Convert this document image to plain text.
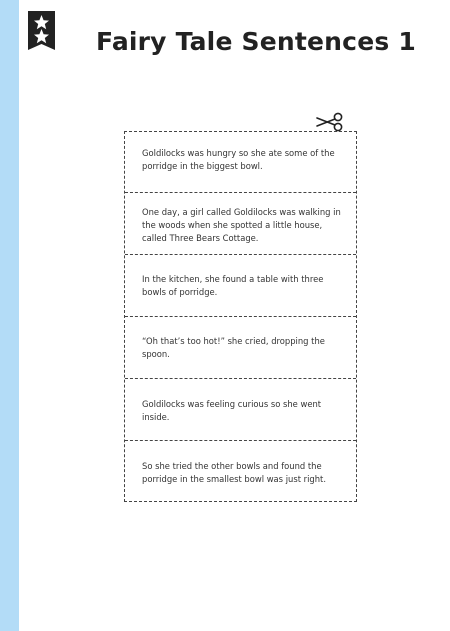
Fairy Tale Sentences 1
Goldilocks was hungry so she ate some of the porridge in the biggest bowl.
One day, a girl called Goldilocks was walking in the woods when she spotted a little house, called Three Bears Cottage.
In the kitchen, she found a table with three bowls of porridge.
“Oh that’s too hot!” she cried, dropping the spoon.
Goldilocks was feeling curious so she went inside.
So she tried the other bowls and found the porridge in the smallest bowl was just right.
